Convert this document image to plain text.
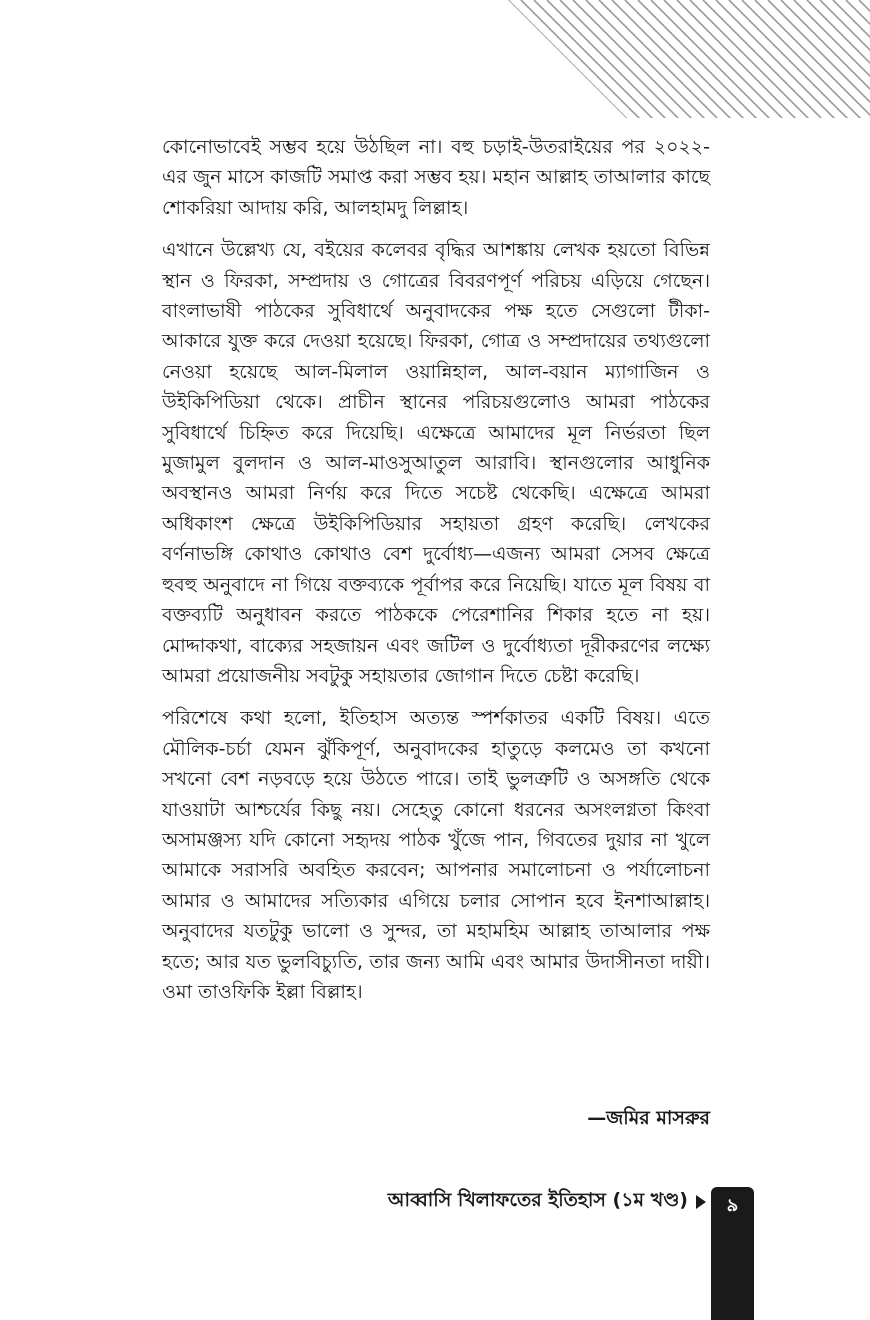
কোনোভাবেই সম্ভব হয়ে উঠছিল না। বহু চড়াই-উতরাইয়ের পর ২০২২-এর জুন মাসে কাজটি সমাপ্ত করা সম্ভব হয়। মহান আল্লাহ তাআলার কাছে শোকরিয়া আদায় করি, আলহামদু লিল্লাহ।

এখানে উল্লেখ্য যে, বইয়ের কলেবর বৃদ্ধির আশঙ্কায় লেখক হয়তো বিভিন্ন স্থান ও ফিরকা, সম্প্রদায় ও গোত্রের বিবরণপূর্ণ পরিচয় এড়িয়ে গেছেন। বাংলাভাষী পাঠকের সুবিধার্থে অনুবাদকের পক্ষ হতে সেগুলো টীকা-আকারে যুক্ত করে দেওয়া হয়েছে। ফিরকা, গোত্র ও সম্প্রদায়ের তথ্যগুলো নেওয়া হয়েছে আল-মিলাল ওয়ান্নিহাল, আল-বয়ান ম্যাগাজিন ও উইকিপিডিয়া থেকে। প্রাচীন স্থানের পরিচয়গুলোও আমরা পাঠকের সুবিধার্থে চিহ্নিত করে দিয়েছি। এক্ষেত্রে আমাদের মূল নির্ভরতা ছিল মুজামুল বুলদান ও আল-মাওসুআতুল আরাবি। স্থানগুলোর আধুনিক অবস্থানও আমরা নির্ণয় করে দিতে সচেষ্ট থেকেছি। এক্ষেত্রে আমরা অধিকাংশ ক্ষেত্রে উইকিপিডিয়ার সহায়তা গ্রহণ করেছি। লেখকের বর্ণনাভঙ্গি কোথাও কোথাও বেশ দুর্বোধ্য—এজন্য আমরা সেসব ক্ষেত্রে হুবহু অনুবাদে না গিয়ে বক্তব্যকে পূর্বাপর করে নিয়েছি। যাতে মূল বিষয় বা বক্তব্যটি অনুধাবন করতে পাঠককে পেরেশানির শিকার হতে না হয়। মোদ্দাকথা, বাক্যের সহজায়ন এবং জটিল ও দুর্বোধ্যতা দূরীকরণের লক্ষ্যে আমরা প্রয়োজনীয় সবটুকু সহায়তার জোগান দিতে চেষ্টা করেছি।

পরিশেষে কথা হলো, ইতিহাস অত্যন্ত স্পর্শকাতর একটি বিষয়। এতে মৌলিক-চর্চা যেমন ঝুঁকিপূর্ণ, অনুবাদকের হাতুড়ে কলমেও তা কখনো সখনো বেশ নড়বড়ে হয়ে উঠতে পারে। তাই ভুলত্রুটি ও অসঙ্গতি থেকে যাওয়াটা আশ্চর্যের কিছু নয়। সেহেতু কোনো ধরনের অসংলগ্নতা কিংবা অসামঞ্জস্য যদি কোনো সহৃদয় পাঠক খুঁজে পান, গিবতের দুয়ার না খুলে আমাকে সরাসরি অবহিত করবেন; আপনার সমালোচনা ও পর্যালোচনা আমার ও আমাদের সত্যিকার এগিয়ে চলার সোপান হবে ইনশাআল্লাহ। অনুবাদের যতটুকু ভালো ও সুন্দর, তা মহামহিম আল্লাহ তাআলার পক্ষ হতে; আর যত ভুলবিচ্যুতি, তার জন্য আমি এবং আমার উদাসীনতা দায়ী। ওমা তাওফিকি ইল্লা বিল্লাহ।

—জমির মাসরুর
আব্বাসি খিলাফতের ইতিহাস (১ম খণ্ড)	৯
